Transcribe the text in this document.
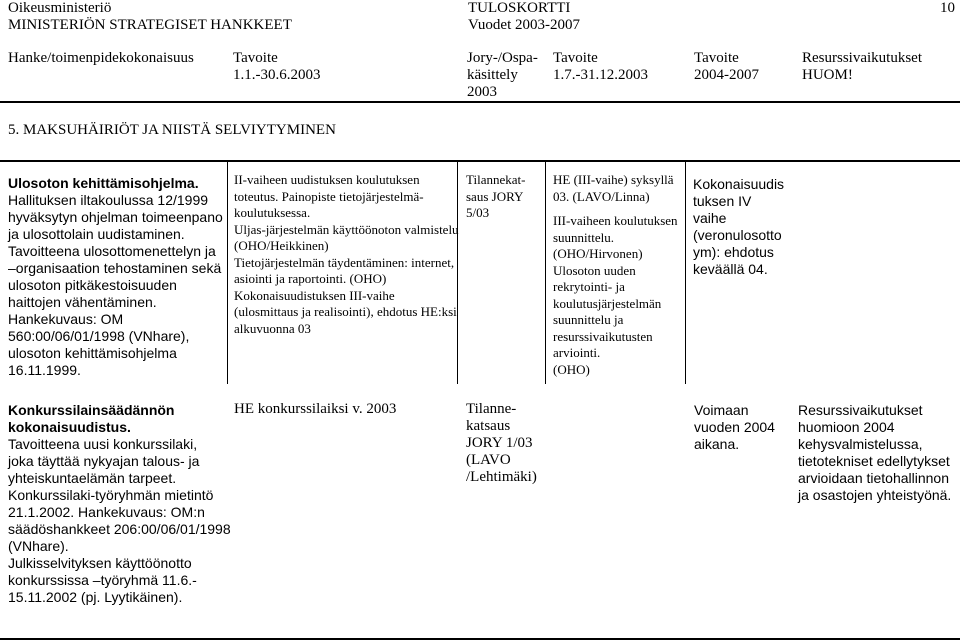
Oikeusministeriö
MINISTERIÖN STRATEGISET HANKKEET
TULOSKORTTI
Vuodet 2003-2007
10
Hanke/toimenpidekokonaisuus	Tavoite
1.1.-30.6.2003
Jory-/Ospa-
käsittely
2003
Tavoite
1.7.-31.12.2003
Tavoite
2004-2007
Resurssivaikutukset
HUOM!
5. MAKSUHÄIRIÖT JA NIISTÄ SELVIYTYMINEN
Ulosoton kehittämisohjelma.
Hallituksen iltakoulussa 12/1999
hyväksytyn ohjelman toimeenpano
ja ulosottolain uudistaminen.
Tavoitteena ulosottomenettelyn ja
–organisaation tehostaminen sekä
ulosoton pitkäkestoisuuden
haittojen vähentäminen.
Hankekuvaus: OM
560:00/06/01/1998 (VNhare),
ulosoton kehittämisohjelma
16.11.1999.
II-vaiheen uudistuksen koulutuksen
toteutus. Painopiste tietojärjestelmä-
koulutuksessa.
Uljas-järjestelmän käyttöönoton valmistelu
(OHO/Heikkinen)
Tietojärjestelmän täydentäminen: internet,
asiointi ja raportointi. (OHO)
Kokonaisuudistuksen III-vaihe
(ulosmittaus ja realisointi), ehdotus HE:ksi
alkuvuonna 03
Tilannekat-
saus JORY
5/03
HE (III-vaihe) syksyllä
03. (LAVO/Linna)
III-vaiheen koulutuksen
suunnittelu.
(OHO/Hirvonen)
Ulosoton uuden
rekrytointi- ja
koulutusjärjestelmän
suunnittelu ja
resurssivaikutusten
arviointi.
(OHO)
Kokonaisuudis
tuksen IV
vaihe
(veronulosotto
ym): ehdotus
keväällä 04.
Konkurssilainsäädännön
kokonaisuudistus.
Tavoitteena uusi konkurssilaki,
joka täyttää nykyajan talous- ja
yhteiskuntaelämän tarpeet.
Konkurssilaki-työryhmän mietintö
21.1.2002. Hankekuvaus: OM:n
säädöshankkeet 206:00/06/01/1998
(VNhare).
Julkisselvityksen käyttöönotto
konkurssissa –työryhmä 11.6.-
15.11.2002 (pj. Lyytikäinen).
HE konkurssilaiksi v. 2003	Tilanne-
katsaus
JORY 1/03
(LAVO
/Lehtimäki)
Voimaan
vuoden 2004
aikana.
Resurssivaikutukset
huomioon 2004
kehysvalmistelussa,
tietotekniset edellytykset
arvioidaan tietohallinnon
ja osastojen yhteistyönä.
